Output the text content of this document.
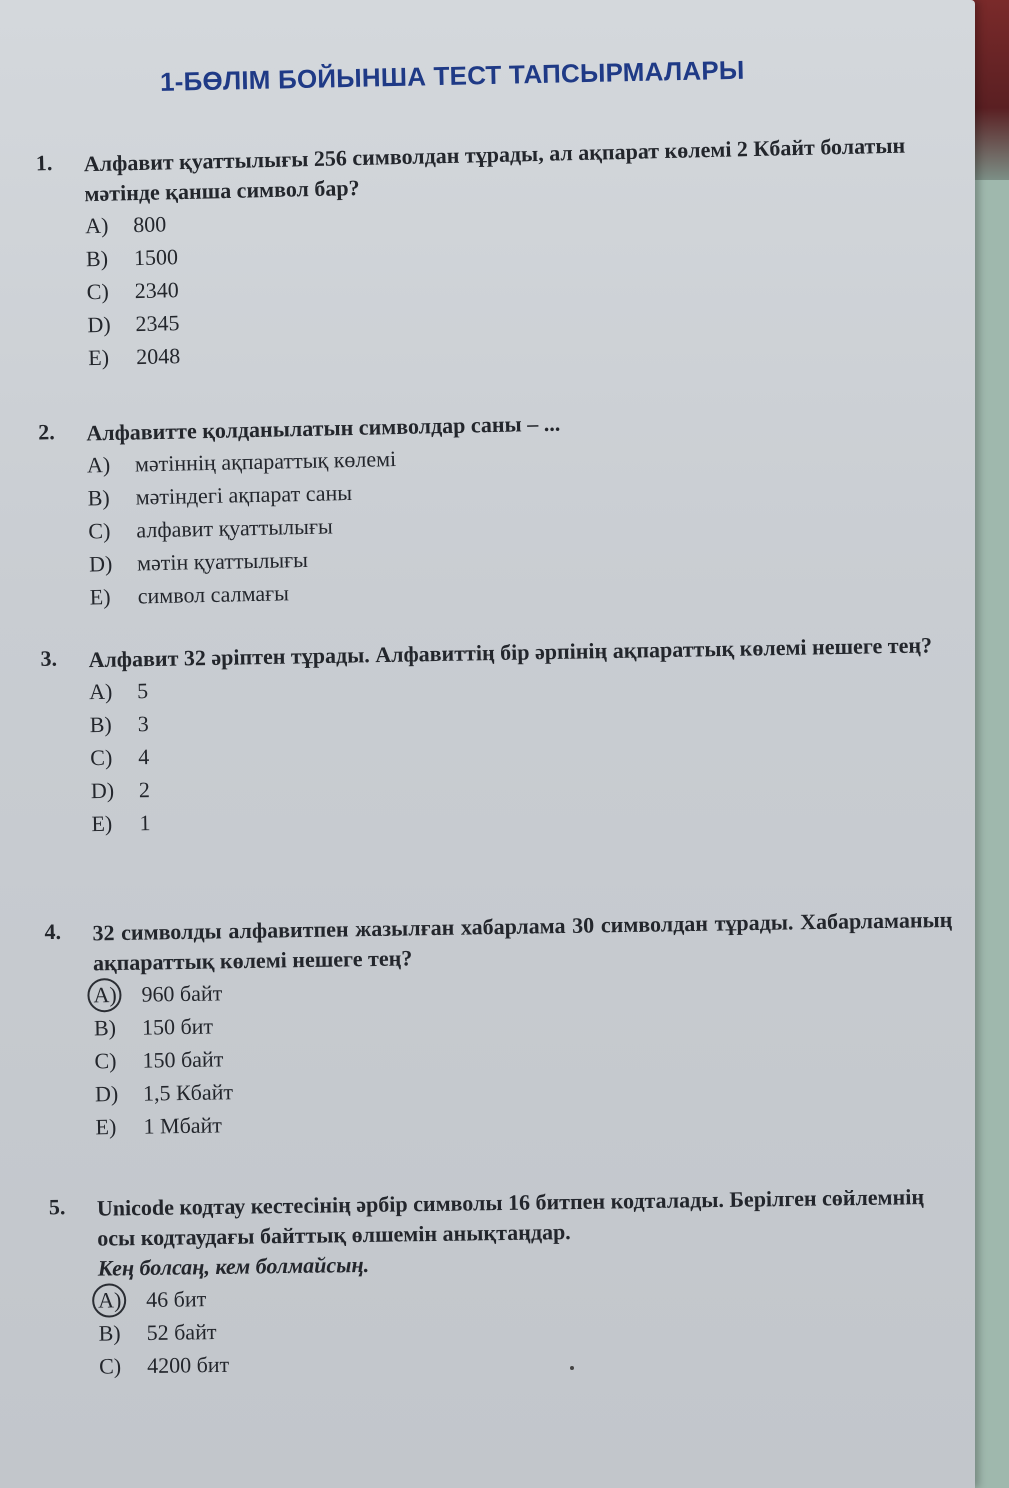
1-БӨЛІМ БОЙЫНША ТЕСТ ТАПСЫРМАЛАРЫ
1. Алфавит қуаттылығы 256 символдан тұрады, ал ақпарат көлемі 2 Кбайт болатын мәтінде қанша символ бар?
A)	800
B)	1500
C)	2340
D)	2345
E)	2048
2. Алфавитте қолданылатын символдар саны – ...
A)	мәтіннің ақпараттық көлемі
B)	мәтіндегі ақпарат саны
C)	алфавит қуаттылығы
D)	мәтін қуаттылығы
E)	символ салмағы
3. Алфавит 32 әріптен тұрады. Алфавиттің бір әрпінің ақпараттық көлемі нешеге тең?
A)	5
B)	3
C)	4
D)	2
E)	1
4. 32 символды алфавитпен жазылған хабарлама 30 символдан тұрады. Хабарламаның ақпараттық көлемі нешеге тең?
A)	960 байт
B)	150 бит
C)	150 байт
D)	1,5 Кбайт
E)	1 Мбайт
5. Unicode кодтау кестесінің әрбір символы 16 битпен кодталады. Берілген сөйлемнің осы кодтаудағы байттық өлшемін анықтаңдар.
Кең болсаң, кем болмайсың.
A)	46 бит
B)	52 байт
C)	4200 бит
